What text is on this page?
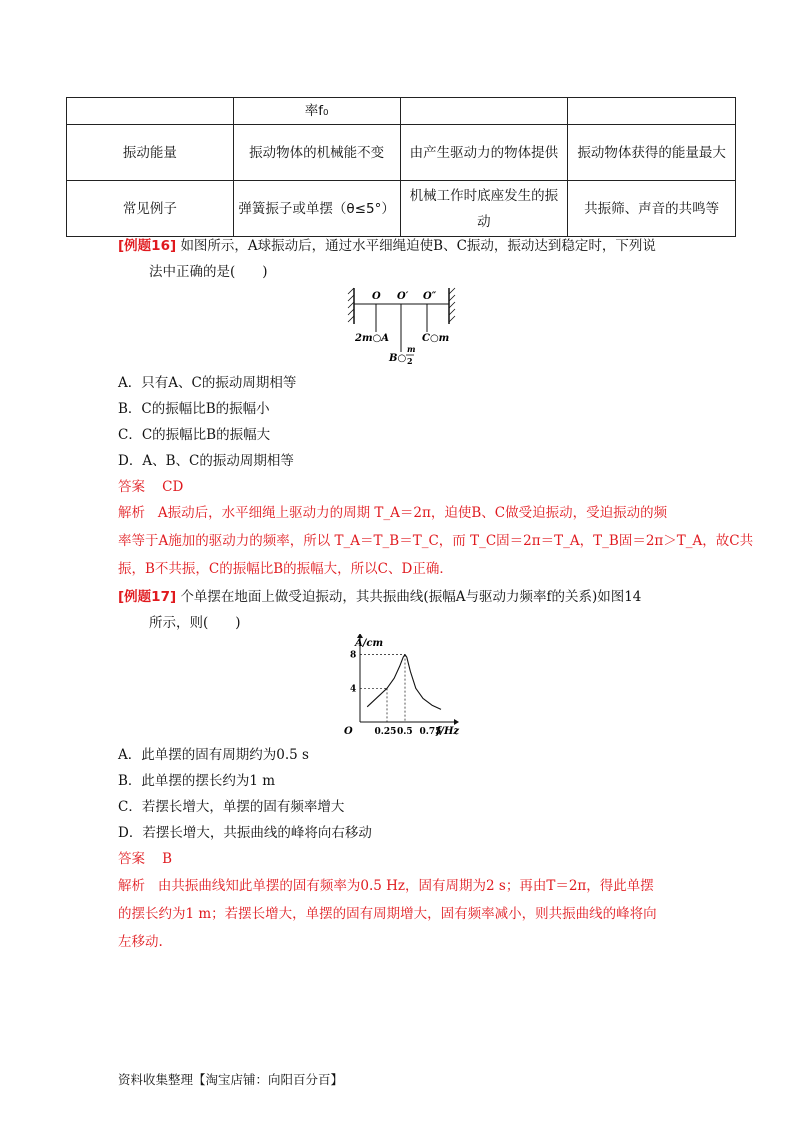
	率f₀		
振动能量	振动物体的机械能不变	由产生驱动力的物体提供	振动物体获得的能量最大
常见例子	弹簧振子或单摆（θ≤5°）	机械工作时底座发生的振动	共振筛、声音的共鸣等
[例题16] 如图所示，A球振动后，通过水平细绳迫使B、C振动，振动达到稳定时，下列说
法中正确的是(　　)
O O′ O″
2m○A	C○m
B○
m
2
A．只有A、C的振动周期相等
B．C的振幅比B的振幅小
C．C的振幅比B的振幅大
D．A、B、C的振动周期相等
答案 CD
解析 A振动后，水平细绳上驱动力的周期 T_A＝2π，迫使B、C做受迫振动，受迫振动的频
率等于A施加的驱动力的频率，所以 T_A＝T_B＝T_C，而 T_C固＝2π＝T_A，T_B固＝2π＞T_A，故C共
振，B不共振，C的振幅比B的振幅大，所以C、D正确．
[例题17] 个单摆在地面上做受迫振动，其共振曲线(振幅A与驱动力频率f的关系)如图14
所示，则(　　)
0.25 0.5 0.75
4
8
A/cm
O	f/Hz
A．此单摆的固有周期约为0.5 s
B．此单摆的摆长约为1 m
C．若摆长增大，单摆的固有频率增大
D．若摆长增大，共振曲线的峰将向右移动
答案 B
解析 由共振曲线知此单摆的固有频率为0.5 Hz，固有周期为2 s；再由T＝2π，得此单摆
的摆长约为1 m；若摆长增大，单摆的固有周期增大，固有频率减小，则共振曲线的峰将向
左移动.
资料收集整理【淘宝店铺：向阳百分百】
